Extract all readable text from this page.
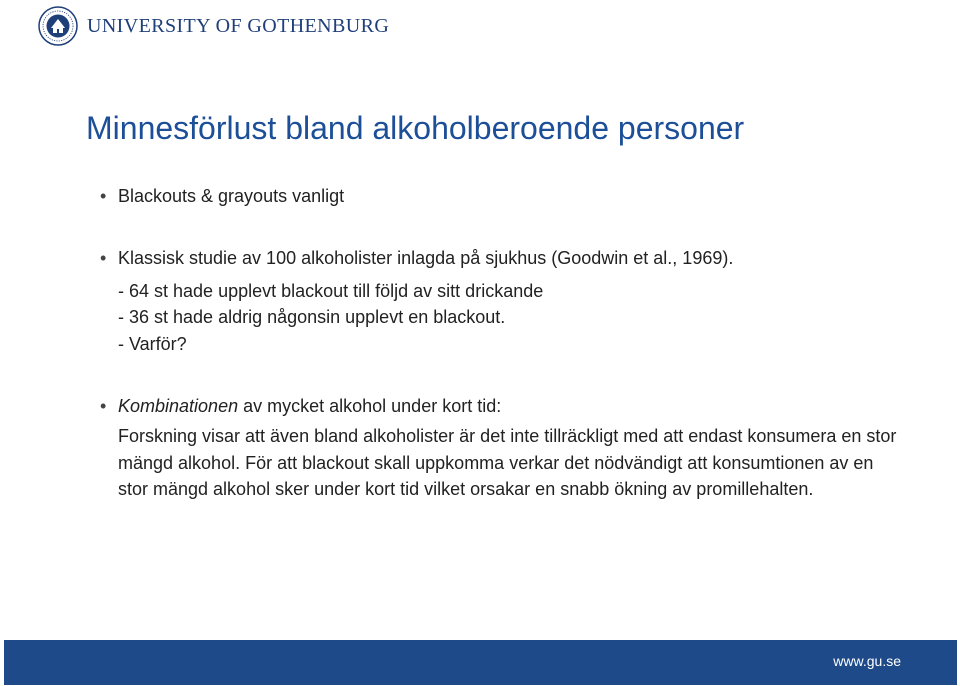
UNIVERSITY OF GOTHENBURG
Minnesförlust bland alkoholberoende personer
• Blackouts & grayouts vanligt
• Klassisk studie av 100 alkoholister inlagda på sjukhus (Goodwin et al., 1969).
- 64 st hade upplevt blackout till följd av sitt drickande
- 36 st hade aldrig någonsin upplevt en blackout.
- Varför?
• Kombinationen av mycket alkohol under kort tid:
Forskning visar att även bland alkoholister är det inte tillräckligt med att endast konsumera en stor mängd alkohol. För att blackout skall uppkomma verkar det nödvändigt att konsumtionen av en stor mängd alkohol sker under kort tid vilket orsakar en snabb ökning av promillehalten.
www.gu.se
